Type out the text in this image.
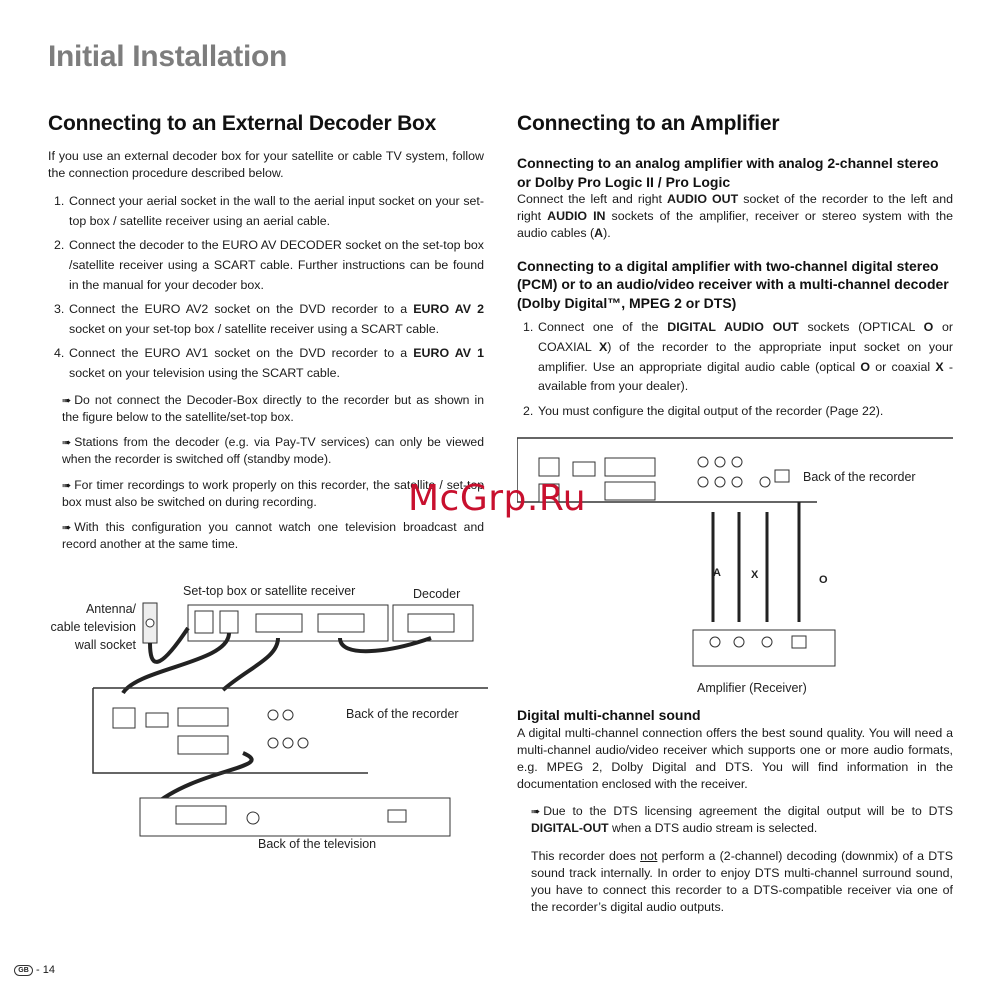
Initial Installation
Connecting to an External Decoder Box

If you use an external decoder box for your satellite or cable TV system, follow the connection procedure described below.

1. Connect your aerial socket in the wall to the aerial input socket on your set-top box / satellite receiver using an aerial cable.
2. Connect the decoder to the EURO AV DECODER socket on the set-top box /satellite receiver using a SCART cable. Further instructions can be found in the manual for your decoder box.
3. Connect the EURO AV2 socket on the DVD recorder to a EURO AV 2 socket on your set-top box / satellite receiver using a SCART cable.
4. Connect the EURO AV1 socket on the DVD recorder to a EURO AV 1 socket on your television using the SCART cable.
➠ Do not connect the Decoder-Box directly to the recorder but as shown in the figure below to the satellite/set-top box.
➠ Stations from the decoder (e.g. via Pay-TV services) can only be viewed when the recorder is switched off (standby mode).
➠ For timer recordings to work properly on this recorder, the satellite / set-top box must also be switched on during recording.
➠ With this configuration you cannot watch one television broadcast and record another at the same time.
Set-top box or satellite receiver	Decoder
Antenna/
cable television
wall socket
Back of the recorder
Back of the television
Connecting to an Amplifier
Connecting to an analog amplifier with analog 2-channel stereo or Dolby Pro Logic II / Pro Logic

Connect the left and right AUDIO OUT socket of the recorder to the left and right AUDIO IN sockets of the amplifier, receiver or stereo system with the audio cables (A).

Connecting to a digital amplifier with two-channel digital stereo (PCM) or to an audio/video receiver with a multi-channel decoder (Dolby Digital™, MPEG 2 or DTS)
1. Connect one of the DIGITAL AUDIO OUT sockets (OPTICAL O or COAXIAL X) of the recorder to the appropriate input socket on your amplifier. Use an appropriate digital audio cable (optical O or coaxial X - available from your dealer).
2. You must configure the digital output of the recorder (Page 22).
Back of the recorder
A	X	O
Amplifier (Receiver)
Digital multi-channel sound

A digital multi-channel connection offers the best sound quality. You will need a multi-channel audio/video receiver which supports one or more audio formats, e.g. MPEG 2, Dolby Digital and DTS. You will find information in the documentation enclosed with the receiver.

➠ Due to the DTS licensing agreement the digital output will be to DTS DIGITAL-OUT when a DTS audio stream is selected.

This recorder does not perform a (2-channel) decoding (downmix) of a DTS sound track internally. In order to enjoy DTS multi-channel surround sound, you have to connect this recorder to a DTS-compatible receiver via one of the recorder’s digital audio outputs.

McGrp.Ru
GB - 14
